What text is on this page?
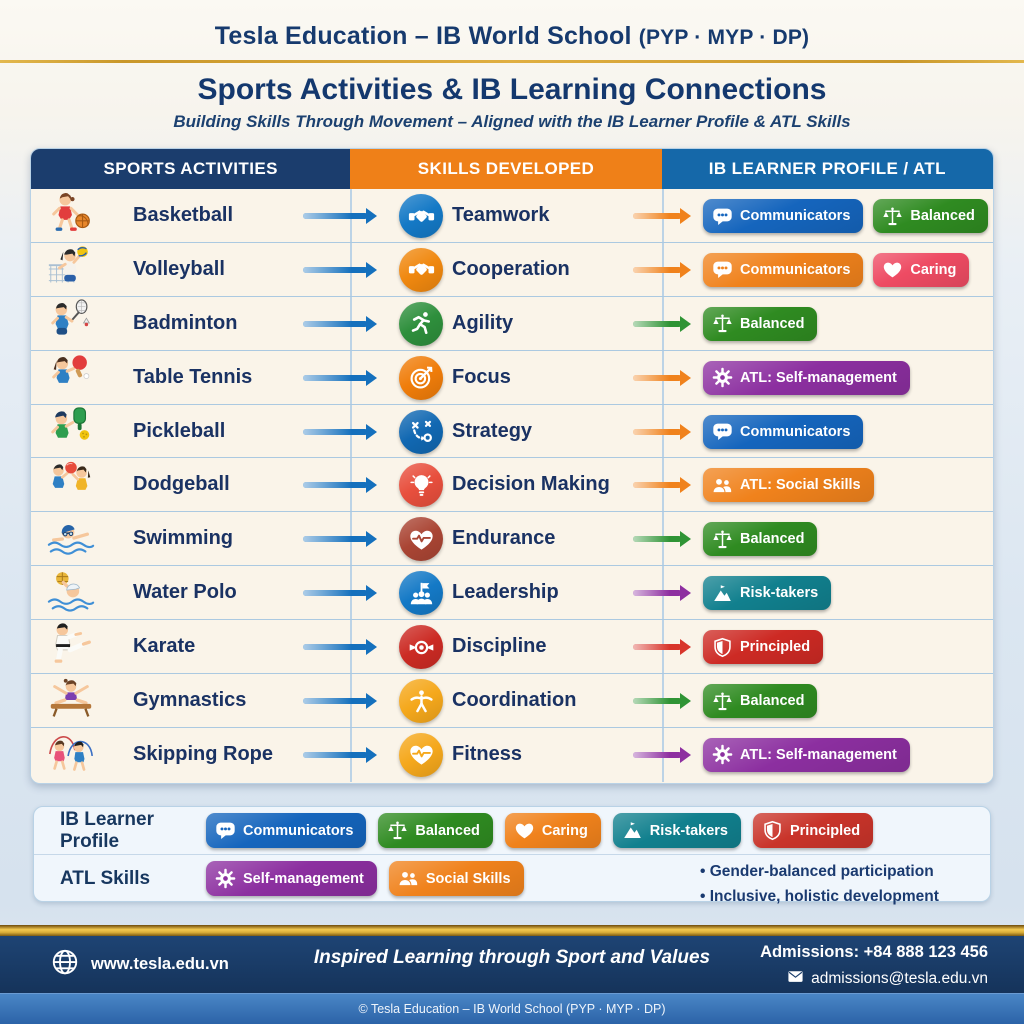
Tesla Education – IB World School (PYP · MYP · DP)
Sports Activities & IB Learning Connections
Building Skills Through Movement – Aligned with the IB Learner Profile & ATL Skills
SPORTS ACTIVITIES	SKILLS DEVELOPED	IB LEARNER PROFILE / ATL
Basketball	Teamwork	Communicators	Balanced
Volleyball	Cooperation	Communicators	Caring
Badminton	Agility	Balanced
Table Tennis	Focus	ATL: Self-management
Pickleball	Strategy	Communicators
Dodgeball	Decision Making	ATL: Social Skills
Swimming	Endurance	Balanced
Water Polo	Leadership	Risk-takers
Karate	Discipline	Principled
Gymnastics	Coordination	Balanced
Skipping Rope	Fitness	ATL: Self-management
IB Learner Profile	Communicators	Balanced	Caring	Risk-takers	Principled
ATL Skills	Self-management	Social Skills	• Gender-balanced participation
• Inclusive, holistic development
www.tesla.edu.vn	Inspired Learning through Sport and Values	Admissions: +84 888 123 456
admissions@tesla.edu.vn
© Tesla Education – IB World School (PYP · MYP · DP)
